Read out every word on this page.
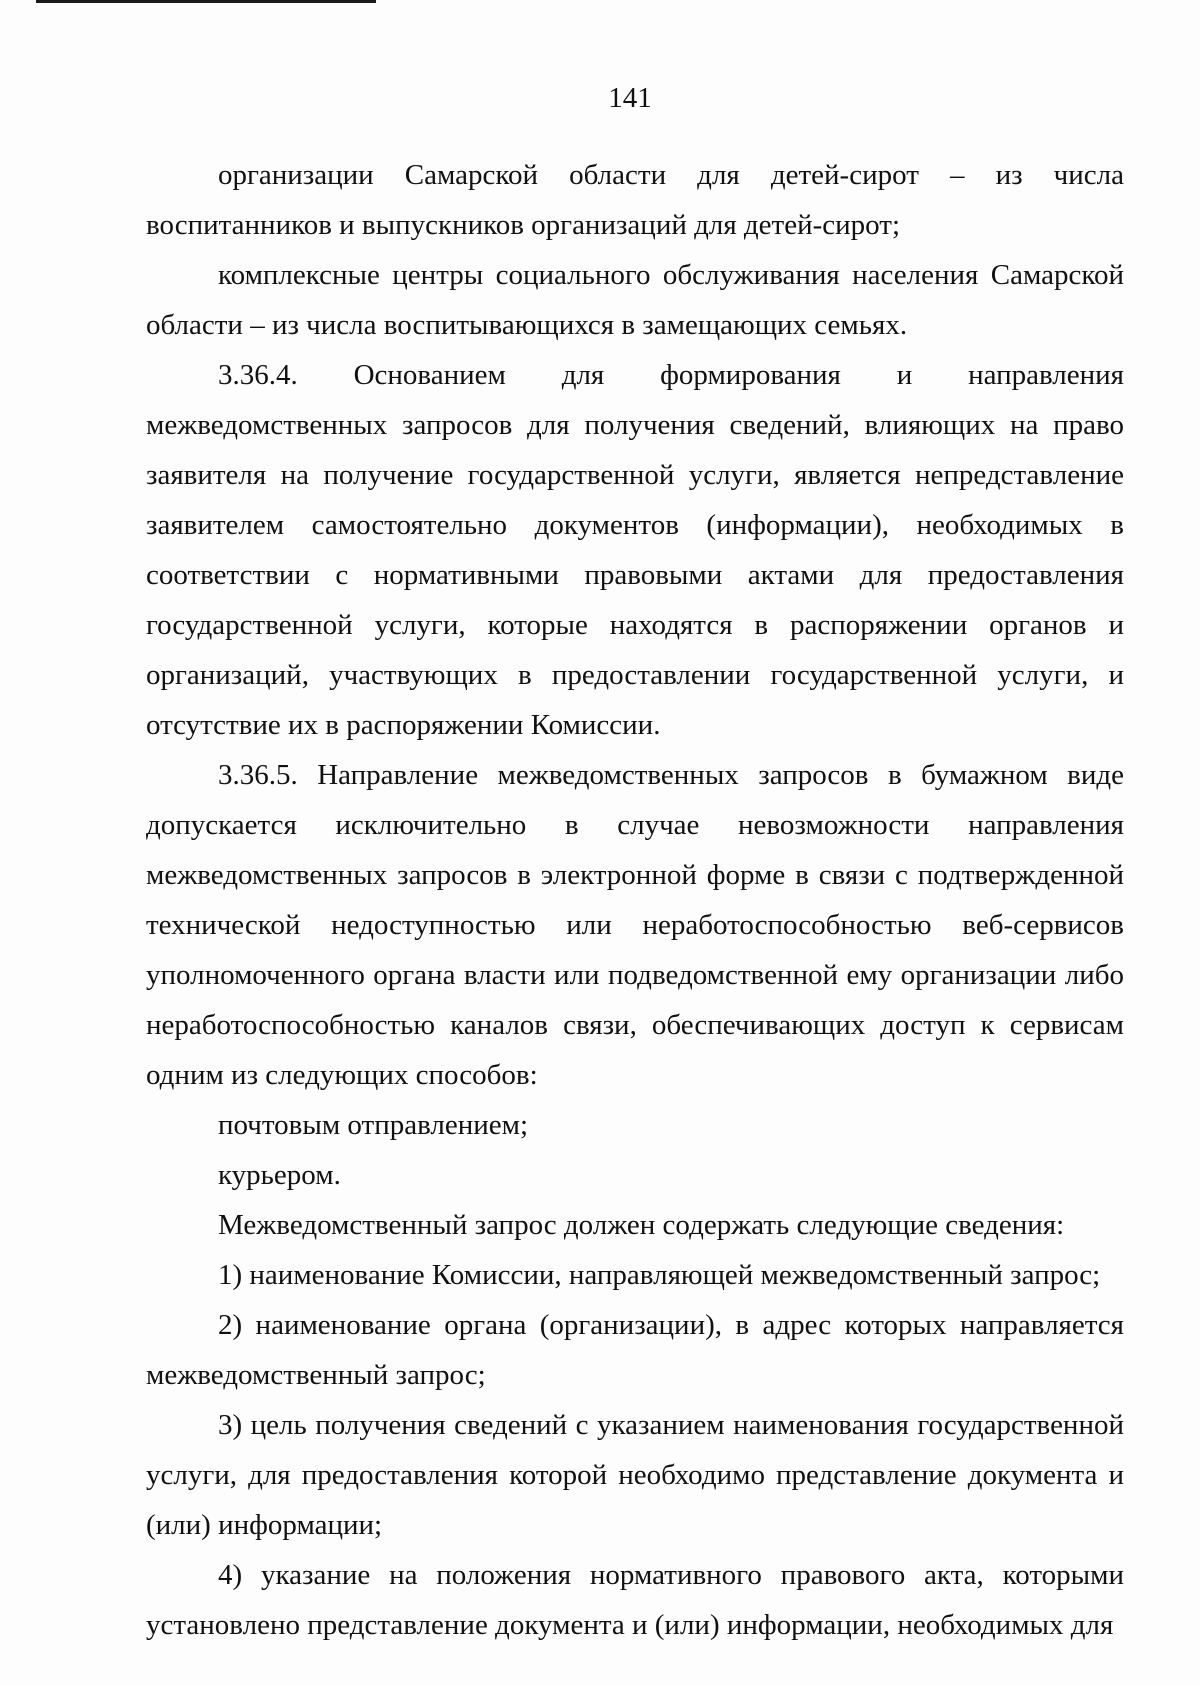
141

организации Самарской области для детей-сирот – из числа воспитанников и выпускников организаций для детей-сирот;

комплексные центры социального обслуживания населения Самарской области – из числа воспитывающихся в замещающих семьях.

3.36.4. Основанием для формирования и направления межведомственных запросов для получения сведений, влияющих на право заявителя на получение государственной услуги, является непредставление заявителем самостоятельно документов (информации), необходимых в соответствии с нормативными правовыми актами для предоставления государственной услуги, которые находятся в распоряжении органов и организаций, участвующих в предоставлении государственной услуги, и отсутствие их в распоряжении Комиссии.

3.36.5. Направление межведомственных запросов в бумажном виде допускается исключительно в случае невозможности направления межведомственных запросов в электронной форме в связи с подтвержденной технической недоступностью или неработоспособностью веб-сервисов уполномоченного органа власти или подведомственной ему организации либо неработоспособностью каналов связи, обеспечивающих доступ к сервисам одним из следующих способов:

почтовым отправлением;

курьером.

Межведомственный запрос должен содержать следующие сведения:

1) наименование Комиссии, направляющей межведомственный запрос;

2) наименование органа (организации), в адрес которых направляется межведомственный запрос;

3) цель получения сведений с указанием наименования государственной услуги, для предоставления которой необходимо представление документа и (или) информации;

4) указание на положения нормативного правового акта, которыми установлено представление документа и (или) информации, необходимых для
